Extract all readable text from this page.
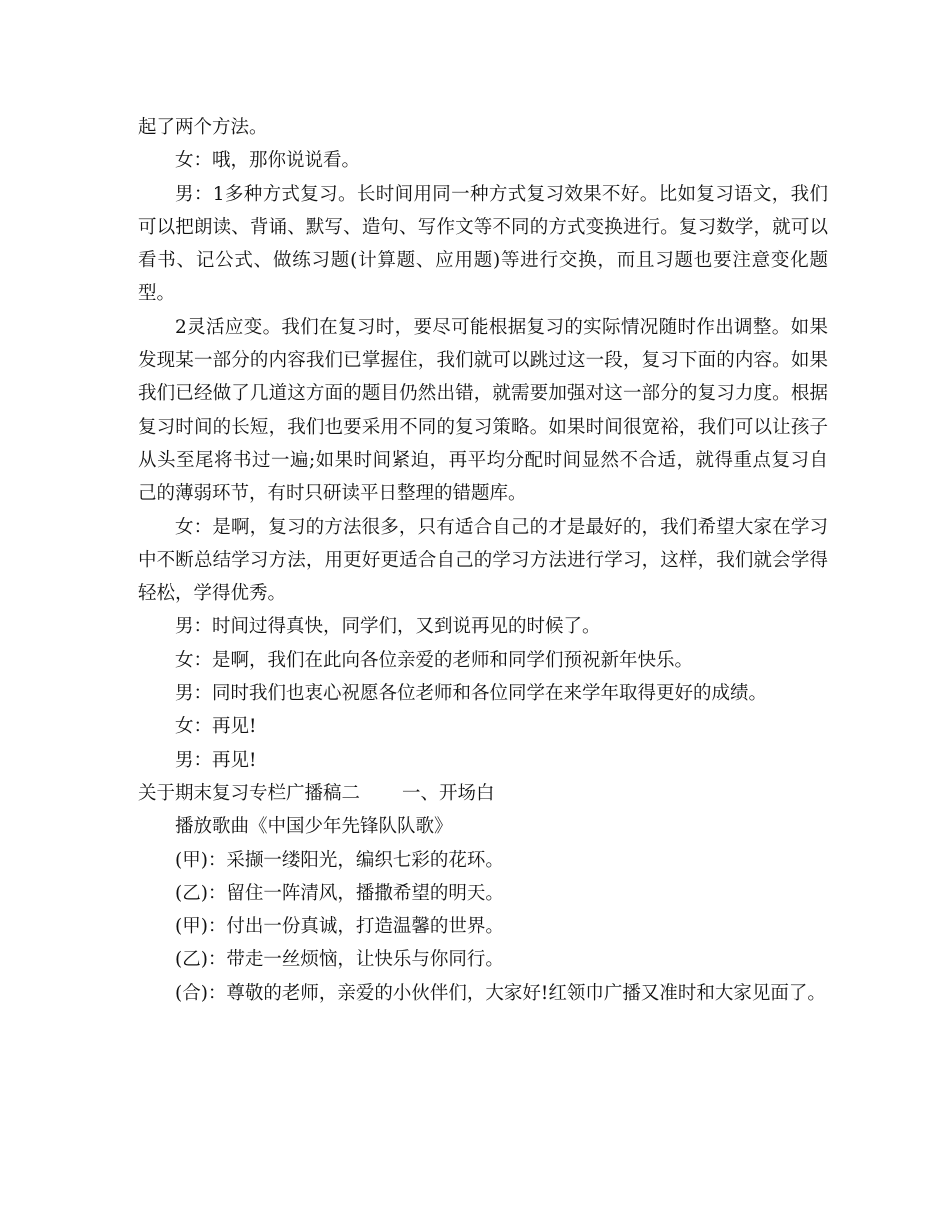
起了两个方法。

女：哦，那你说说看。

男：1多种方式复习。长时间用同一种方式复习效果不好。比如复习语文，我们可以把朗读、背诵、默写、造句、写作文等不同的方式变换进行。复习数学，就可以看书、记公式、做练习题(计算题、应用题)等进行交换，而且习题也要注意变化题型。

2灵活应变。我们在复习时，要尽可能根据复习的实际情况随时作出调整。如果发现某一部分的内容我们已掌握住，我们就可以跳过这一段，复习下面的内容。如果我们已经做了几道这方面的题目仍然出错，就需要加强对这一部分的复习力度。根据复习时间的长短，我们也要采用不同的复习策略。如果时间很宽裕，我们可以让孩子从头至尾将书过一遍;如果时间紧迫，再平均分配时间显然不合适，就得重点复习自己的薄弱环节，有时只研读平日整理的错题库。

女：是啊，复习的方法很多，只有适合自己的才是最好的，我们希望大家在学习中不断总结学习方法，用更好更适合自己的学习方法进行学习，这样，我们就会学得轻松，学得优秀。

男：时间过得真快，同学们，又到说再见的时候了。

女：是啊，我们在此向各位亲爱的老师和同学们预祝新年快乐。

男：同时我们也衷心祝愿各位老师和各位同学在来学年取得更好的成绩。

女：再见!

男：再见!

关于期末复习专栏广播稿二 一、开场白

播放歌曲《中国少年先锋队队歌》

(甲)：采撷一缕阳光，编织七彩的花环。

(乙)：留住一阵清风，播撒希望的明天。

(甲)：付出一份真诚，打造温馨的世界。

(乙)：带走一丝烦恼，让快乐与你同行。

(合)：尊敬的老师，亲爱的小伙伴们，大家好!红领巾广播又准时和大家见面了。
